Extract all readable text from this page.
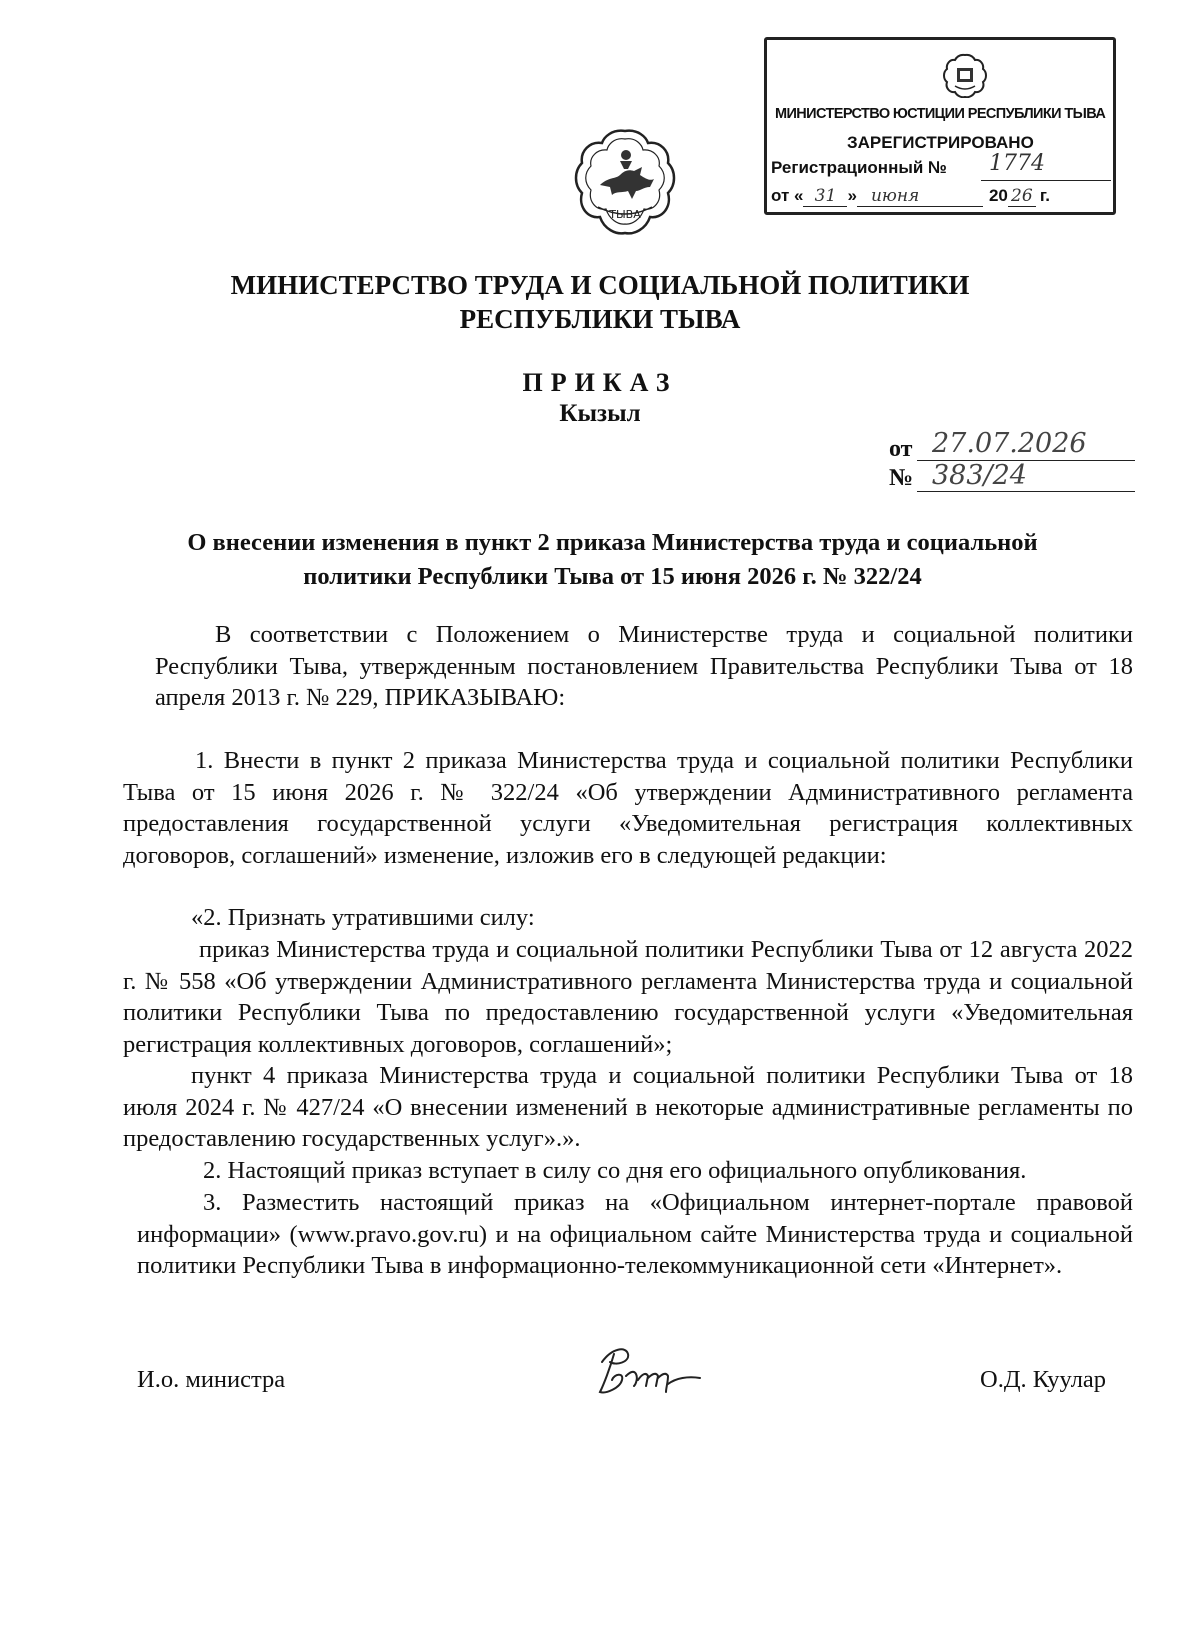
ТЫВА
МИНИСТЕРСТВО ЮСТИЦИИ РЕСПУБЛИКИ ТЫВА
ЗАРЕГИСТРИРОВАНО
Регистрационный № 1774
от « 31 » июня	20 26 г.
МИНИСТЕРСТВО ТРУДА И СОЦИАЛЬНОЙ ПОЛИТИКИ
РЕСПУБЛИКИ ТЫВА
ПРИКАЗ
Кызыл
от 27.07.2026
№ 383/24
О внесении изменения в пункт 2 приказа Министерства труда и социальной
политики Республики Тыва от 15 июня 2026 г. № 322/24
В соответствии с Положением о Министерстве труда и социальной политики Республики Тыва, утвержденным постановлением Правительства Республики Тыва от 18 апреля 2013 г. № 229, ПРИКАЗЫВАЮ:
1. Внести в пункт 2 приказа Министерства труда и социальной политики Республики Тыва от 15 июня 2026 г. № 322/24 «Об утверждении Административного регламента предоставления государственной услуги «Уведомительная регистрация коллективных договоров, соглашений» изменение, изложив его в следующей редакции:
«2. Признать утратившими силу:
приказ Министерства труда и социальной политики Республики Тыва от 12 августа 2022 г. № 558 «Об утверждении Административного регламента Министерства труда и социальной политики Республики Тыва по предоставлению государственной услуги «Уведомительная регистрация коллективных договоров, соглашений»;
пункт 4 приказа Министерства труда и социальной политики Республики Тыва от 18 июля 2024 г. № 427/24 «О внесении изменений в некоторые административные регламенты по предоставлению государственных услуг».».
2. Настоящий приказ вступает в силу со дня его официального опубликования.
3. Разместить настоящий приказ на «Официальном интернет-портале правовой информации» (www.pravo.gov.ru) и на официальном сайте Министерства труда и социальной политики Республики Тыва в информационно-телекоммуникационной сети «Интернет».
И.о. министра	О.Д. Куулар
